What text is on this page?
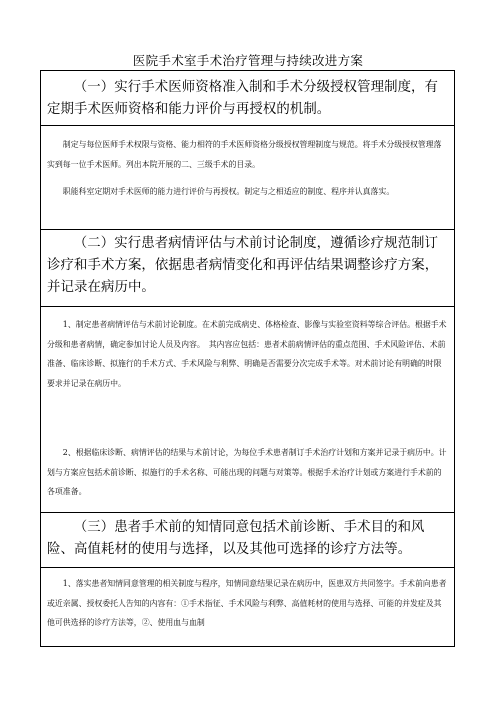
医院手术室手术治疗管理与持续改进方案
（一）实行手术医师资格准入制和手术分级授权管理制度，有定期手术医师资格和能力评价与再授权的机制。
制定与每位医师手术权限与资格、能力相符的手术医师资格分级授权管理制度与规范。将手术分级授权管理落实到每一位手术医师。列出本院开展的二、三级手术的目录。
职能科室定期对手术医师的能力进行评价与再授权。制定与之相适应的制度、程序并认真落实。
（二）实行患者病情评估与术前讨论制度，遵循诊疗规范制订诊疗和手术方案，依据患者病情变化和再评估结果调整诊疗方案，并记录在病历中。
1、制定患者病情评估与术前讨论制度。在术前完成病史、体格检查、影像与实验室资料等综合评估。根据手术分级和患者病情，确定参加讨论人员及内容。　其内容应包括：患者术前病情评估的重点范围、手术风险评估、术前准备、临床诊断、拟施行的手术方式、手术风险与利弊、明确是否需要分次完成手术等。对术前讨论有明确的时限要求并记录在病历中。
2、根据临床诊断、病情评估的结果与术前讨论，为每位手术患者制订手术治疗计划和方案并记录于病历中。计划与方案应包括术前诊断、拟施行的手术名称、可能出现的问题与对策等。根据手术治疗计划或方案进行手术前的各项准备。
（三）患者手术前的知情同意包括术前诊断、手术目的和风险、高值耗材的使用与选择，以及其他可选择的诊疗方法等。
1、落实患者知情同意管理的相关制度与程序，知情同意结果记录在病历中，医患双方共同签字。手术前向患者或近亲属、授权委托人告知的内容有：①手术指征、手术风险与利弊、高值耗材的使用与选择、可能的并发症及其他可供选择的诊疗方法等，②、使用血与血制
